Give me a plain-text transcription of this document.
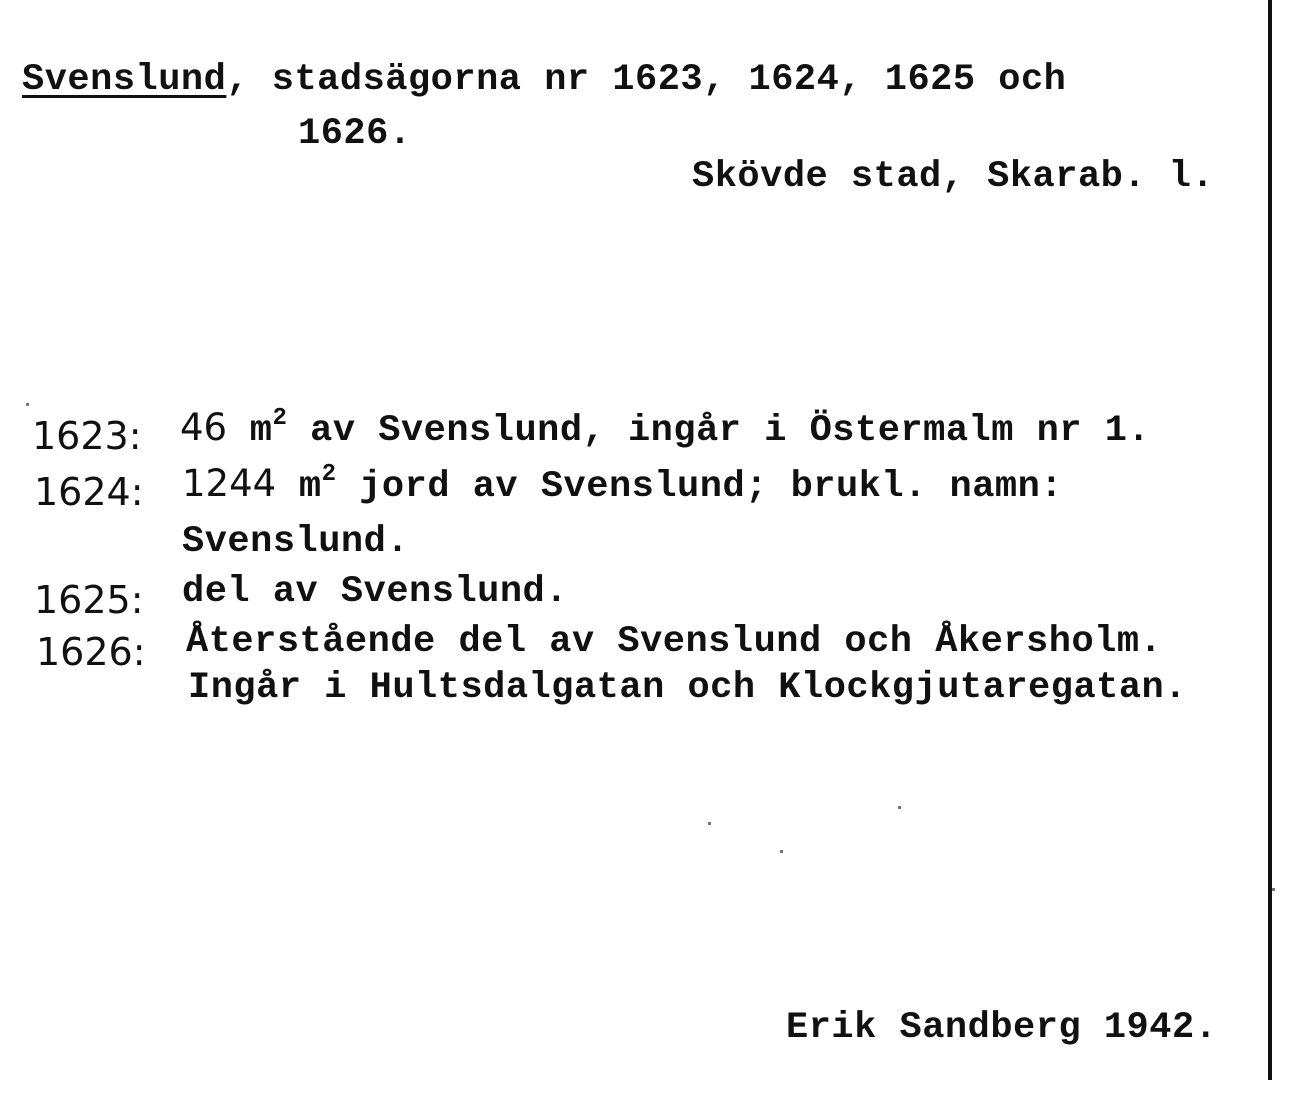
Svenslund, stadsägorna nr 1623, 1624, 1625 och
1626.
Skövde stad, Skarab. l.
1623: 46 $m^2$ av Svenslund, ingår i Östermalm nr 1.
1624: 1244 $m^2$ jord av Svenslund; brukl. namn:
Svenslund.
1625: del av Svenslund.
1626: Återstående del av Svenslund och Åkersholm.
Ingår i Hultsdalgatan och Klockgjutaregatan.
Erik Sandberg 1942.
